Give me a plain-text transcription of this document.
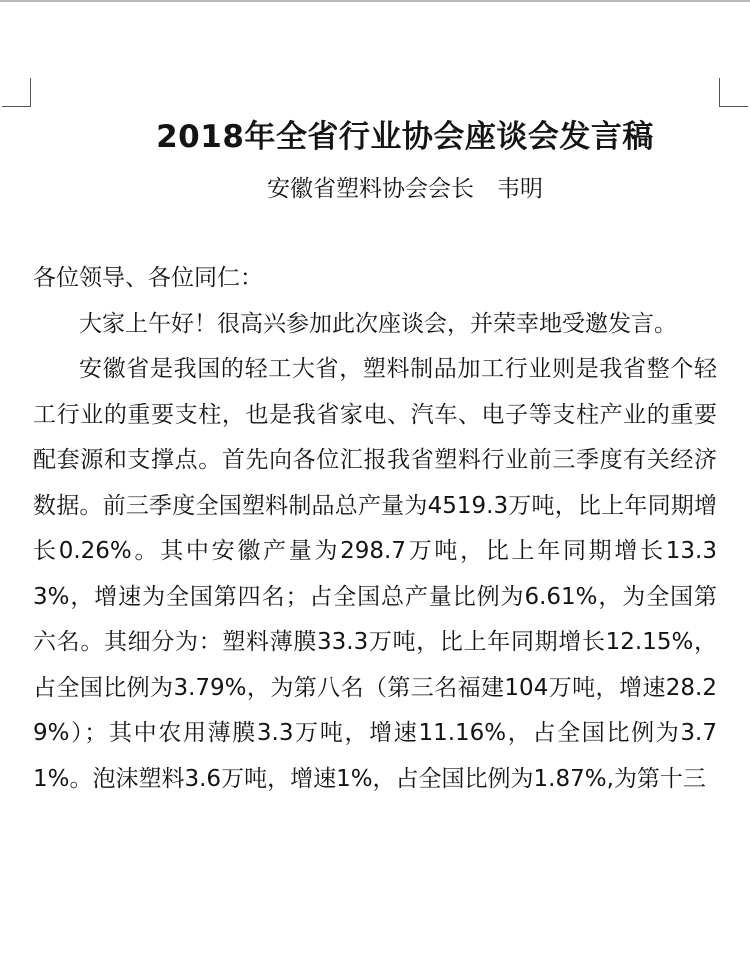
2018年全省行业协会座谈会发言稿
安徽省塑料协会会长　韦明

各位领导、各位同仁：

大家上午好！很高兴参加此次座谈会，并荣幸地受邀发言。

安徽省是我国的轻工大省，塑料制品加工行业则是我省整个轻工行业的重要支柱，也是我省家电、汽车、电子等支柱产业的重要配套源和支撑点。首先向各位汇报我省塑料行业前三季度有关经济数据。前三季度全国塑料制品总产量为4519.3万吨，比上年同期增长0.26%。其中安徽产量为298.7万吨，比上年同期增长13.33%，增速为全国第四名；占全国总产量比例为6.61%，为全国第六名。其细分为：塑料薄膜33.3万吨，比上年同期增长12.15%，占全国比例为3.79%，为第八名（第三名福建104万吨，增速28.29%）；其中农用薄膜3.3万吨，增速11.16%，占全国比例为3.71%。泡沫塑料3.6万吨，增速1%，占全国比例为1.87%,为第十三
